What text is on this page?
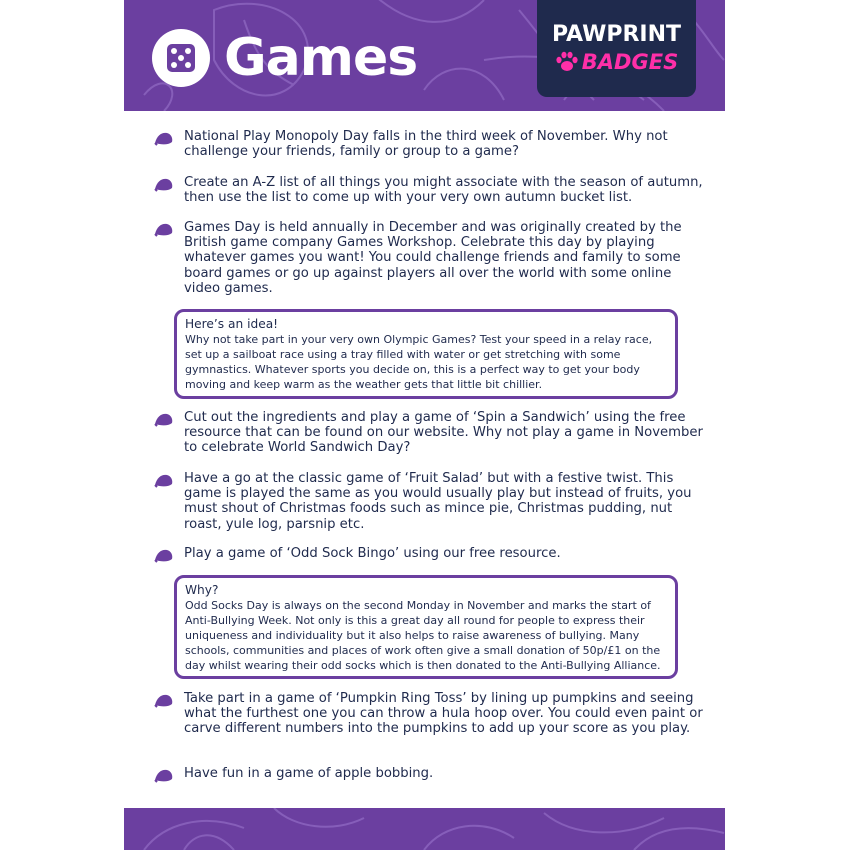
Games	PAWPRINT
BADGES
National Play Monopoly Day falls in the third week of November. Why not challenge your friends, family or group to a game?
Create an A-Z list of all things you might associate with the season of autumn, then use the list to come up with your very own autumn bucket list.
Games Day is held annually in December and was originally created by the British game company Games Workshop. Celebrate this day by playing whatever games you want! You could challenge friends and family to some board games or go up against players all over the world with some online video games.
Here’s an idea!
Why not take part in your very own Olympic Games? Test your speed in a relay race, set up a sailboat race using a tray filled with water or get stretching with some gymnastics. Whatever sports you decide on, this is a perfect way to get your body moving and keep warm as the weather gets that little bit chillier.
Cut out the ingredients and play a game of ‘Spin a Sandwich’ using the free resource that can be found on our website. Why not play a game in November to celebrate World Sandwich Day?
Have a go at the classic game of ‘Fruit Salad’ but with a festive twist. This game is played the same as you would usually play but instead of fruits, you must shout of Christmas foods such as mince pie, Christmas pudding, nut roast, yule log, parsnip etc.
Play a game of ‘Odd Sock Bingo’ using our free resource.
Why?
Odd Socks Day is always on the second Monday in November and marks the start of Anti-Bullying Week. Not only is this a great day all round for people to express their uniqueness and individuality but it also helps to raise awareness of bullying. Many schools, communities and places of work often give a small donation of 50p/£1 on the day whilst wearing their odd socks which is then donated to the Anti-Bullying Alliance.
Take part in a game of ‘Pumpkin Ring Toss’ by lining up pumpkins and seeing what the furthest one you can throw a hula hoop over. You could even paint or carve different numbers into the pumpkins to add up your score as you play.
Have fun in a game of apple bobbing.
